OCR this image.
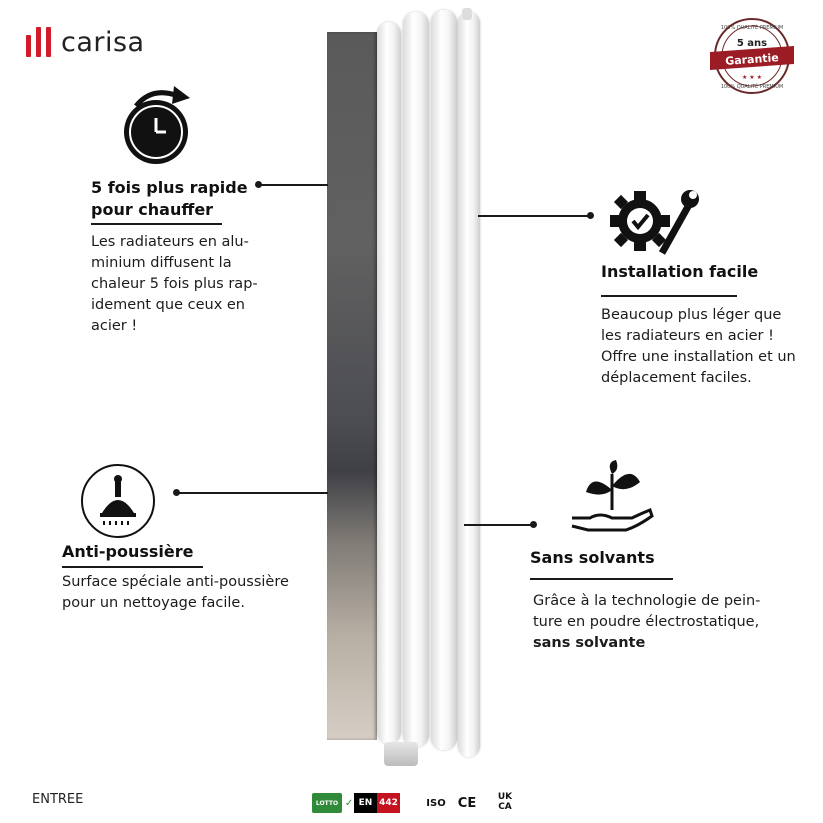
carisa	100% QUALITÉ PREMIUM
100% QUALITÉ PREMIUM
5 ans
Garantie
★ ★ ★
5 fois plus rapide
pour chauffer
Les radiateurs en alu-
minium diffusent la
chaleur 5 fois plus rap-
idement que ceux en
acier !
Installation facile
Beaucoup plus léger que
les radiateurs en acier !
Offre une installation et un
déplacement faciles.
Anti-poussière
Surface spéciale anti-poussière
pour un nettoyage facile.
Sans solvants
Grâce à la technologie de pein-
ture en poudre électrostatique,
sans solvante
ENTREE	LOTTO ✓ EN 442	ISO CE	UK
CA
